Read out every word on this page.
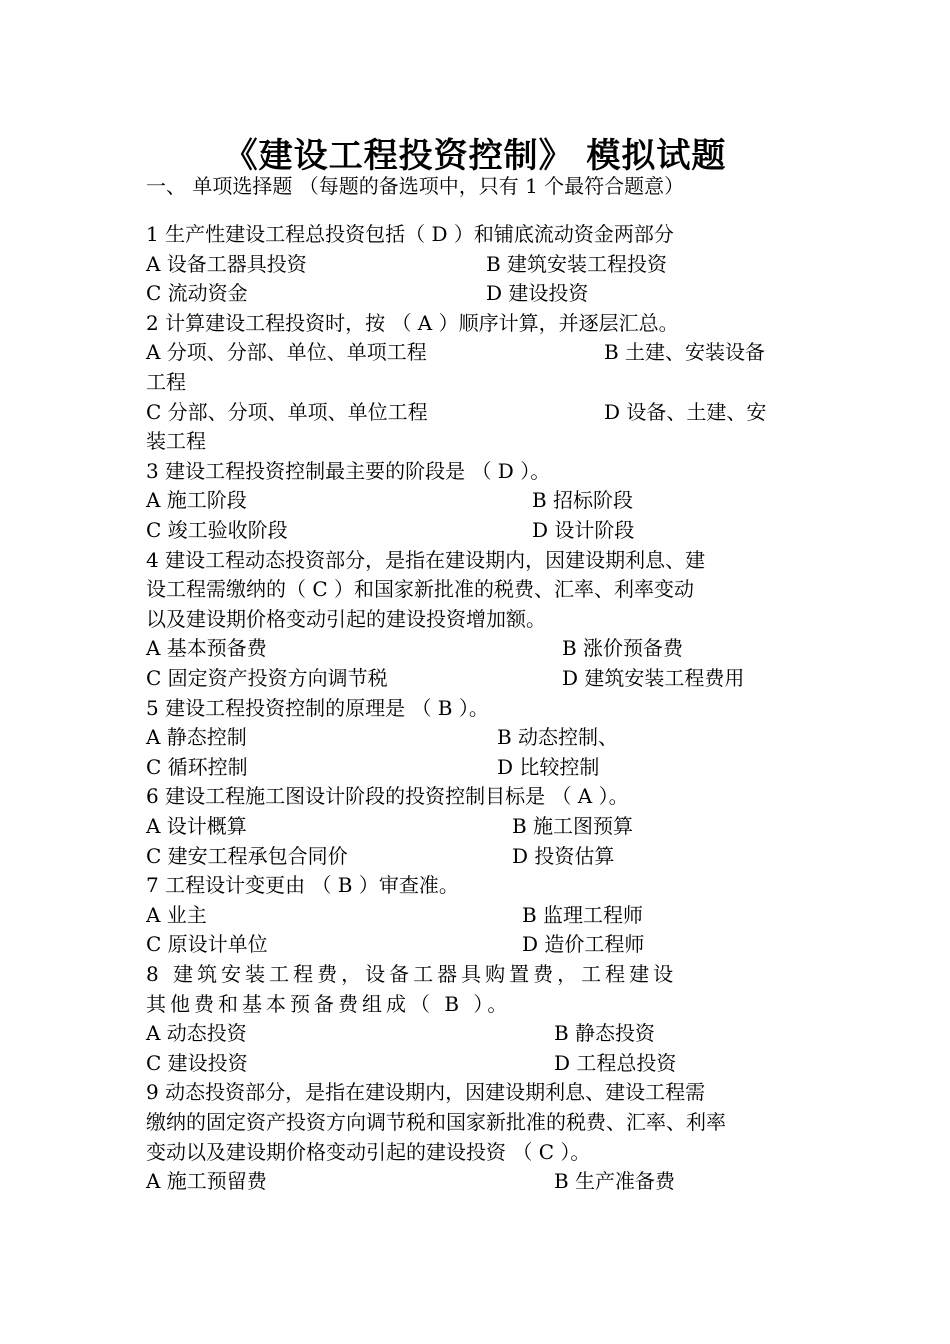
《建设工程投资控制》 模拟试题
一、 单项选择题 （每题的备选项中，只有 1 个最符合题意）
1 生产性建设工程总投资包括（ D ）和铺底流动资金两部分
A 设备工器具投资	B 建筑安装工程投资
C 流动资金	D 建设投资
2 计算建设工程投资时，按 （ A ）顺序计算，并逐层汇总。
A 分项、分部、单位、单项工程	B 土建、安装设备
工程
C 分部、分项、单项、单位工程	D 设备、土建、安
装工程
3 建设工程投资控制最主要的阶段是 （ D ）。
A 施工阶段	B 招标阶段
C 竣工验收阶段	D 设计阶段
4 建设工程动态投资部分，是指在建设期内，因建设期利息、建
设工程需缴纳的（ C ）和国家新批准的税费、汇率、利率变动
以及建设期价格变动引起的建设投资增加额。
A 基本预备费	B 涨价预备费
C 固定资产投资方向调节税	D 建筑安装工程费用
5 建设工程投资控制的原理是 （ B ）。
A 静态控制	B 动态控制、
C 循环控制	D 比较控制
6 建设工程施工图设计阶段的投资控制目标是 （ A ）。
A 设计概算	B 施工图预算
C 建安工程承包合同价	D 投资估算
7 工程设计变更由 （ B ）审查准。
A 业主	B 监理工程师
C 原设计单位	D 造价工程师
8 建筑安装工程费，设备工器具购置费，工程建设
其他费和基本预备费组成（ B ）。
A 动态投资	B 静态投资
C 建设投资	D 工程总投资
9 动态投资部分，是指在建设期内，因建设期利息、建设工程需
缴纳的固定资产投资方向调节税和国家新批准的税费、汇率、利率
变动以及建设期价格变动引起的建设投资 （ C ）。
A 施工预留费	B 生产准备费
